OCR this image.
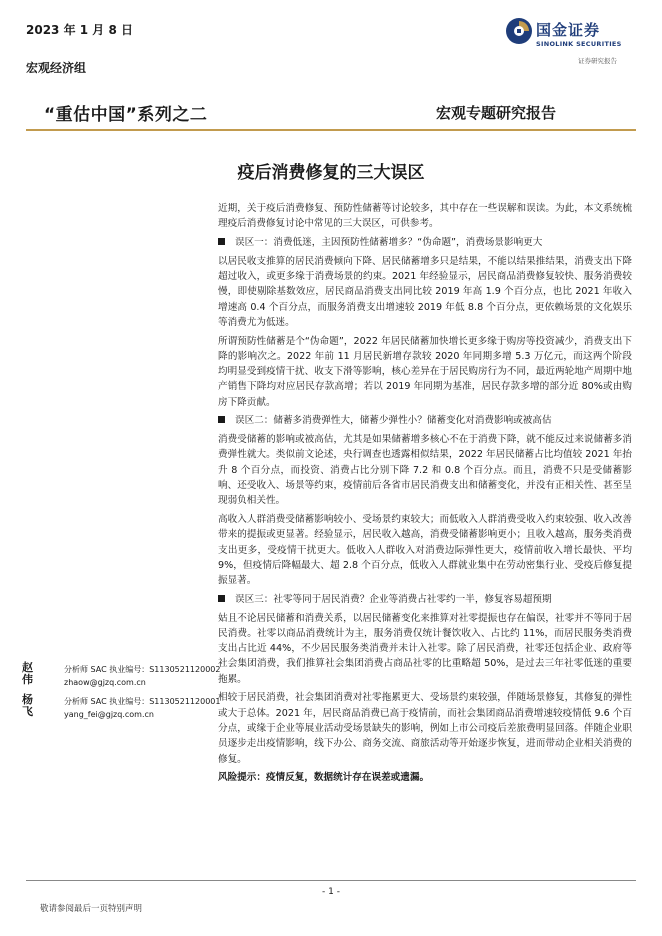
2023 年 1 月 8 日
宏观经济组
“重估中国”系列之二	宏观专题研究报告
国金证券
SINOLINK SECURITIES
证券研究报告
疫后消费修复的三大误区

近期，关于疫后消费修复、预防性储蓄等讨论较多，其中存在一些误解和误读。为此，本文系统梳理疫后消费修复讨论中常见的三大误区，可供参考。

误区一：消费低迷，主因预防性储蓄增多？“伪命题”，消费场景影响更大

以居民收支推算的居民消费倾向下降、居民储蓄增多只是结果，不能以结果推结果，消费支出下降超过收入，或更多缘于消费场景的约束。2021 年经验显示，居民商品消费修复较快、服务消费较慢，即使剔除基数效应，居民商品消费支出同比较 2019 年高 1.9 个百分点，也比 2021 年收入增速高 0.4 个百分点，而服务消费支出增速较 2019 年低 8.8 个百分点，更依赖场景的文化娱乐等消费尤为低迷。

所谓预防性储蓄是个“伪命题”，2022 年居民储蓄加快增长更多缘于购房等投资减少，消费支出下降的影响次之。2022 年前 11 月居民新增存款较 2020 年同期多增 5.3 万亿元，而这两个阶段均明显受到疫情干扰、收支下滑等影响，核心差异在于居民购房行为不同，最近两轮地产周期中地产销售下降均对应居民存款高增；若以 2019 年同期为基准，居民存款多增的部分近 80%或由购房下降贡献。

误区二：储蓄多消费弹性大，储蓄少弹性小？储蓄变化对消费影响或被高估

消费受储蓄的影响或被高估，尤其是如果储蓄增多核心不在于消费下降，就不能反过来说储蓄多消费弹性就大。类似前文论述，央行调查也透露相似结果，2022 年居民储蓄占比均值较 2021 年抬升 8 个百分点，而投资、消费占比分别下降 7.2 和 0.8 个百分点。而且，消费不只是受储蓄影响、还受收入、场景等约束，疫情前后各省市居民消费支出和储蓄变化，并没有正相关性、甚至呈现弱负相关性。

高收入人群消费受储蓄影响较小、受场景约束较大；而低收入人群消费受收入约束较强、收入改善带来的提振或更显著。经验显示，居民收入越高，消费受储蓄影响更小；且收入越高，服务类消费支出更多，受疫情干扰更大。低收入人群收入对消费边际弹性更大，疫情前收入增长最快、平均 9%，但疫情后降幅最大、超 2.8 个百分点，低收入人群就业集中在劳动密集行业、受疫后修复提振显著。

误区三：社零等同于居民消费？企业等消费占社零约一半，修复容易超预期

姑且不论居民储蓄和消费关系，以居民储蓄变化来推算对社零提振也存在偏误，社零并不等同于居民消费。社零以商品消费统计为主，服务消费仅统计餐饮收入、占比约 11%，而居民服务类消费支出占比近 44%，不少居民服务类消费并未计入社零。除了居民消费，社零还包括企业、政府等社会集团消费，我们推算社会集团消费占商品社零的比重略超 50%，是过去三年社零低迷的重要拖累。

相较于居民消费，社会集团消费对社零拖累更大、受场景约束较强，伴随场景修复，其修复的弹性或大于总体。2021 年，居民商品消费已高于疫情前，而社会集团商品消费增速较疫情低 9.6 个百分点，或缘于企业等展业活动受场景缺失的影响，例如上市公司疫后差旅费明显回落。伴随企业职员逐步走出疫情影响，线下办公、商务交流、商旅活动等开始逐步恢复，进而带动企业相关消费的修复。

风险提示：疫情反复，数据统计存在误差或遗漏。

赵伟
分析师 SAC 执业编号：S1130521120002
zhaow@gjzq.com.cn
杨飞
分析师 SAC 执业编号：S1130521120001
yang_fei@gjzq.com.cn
- 1 -
敬请参阅最后一页特别声明
